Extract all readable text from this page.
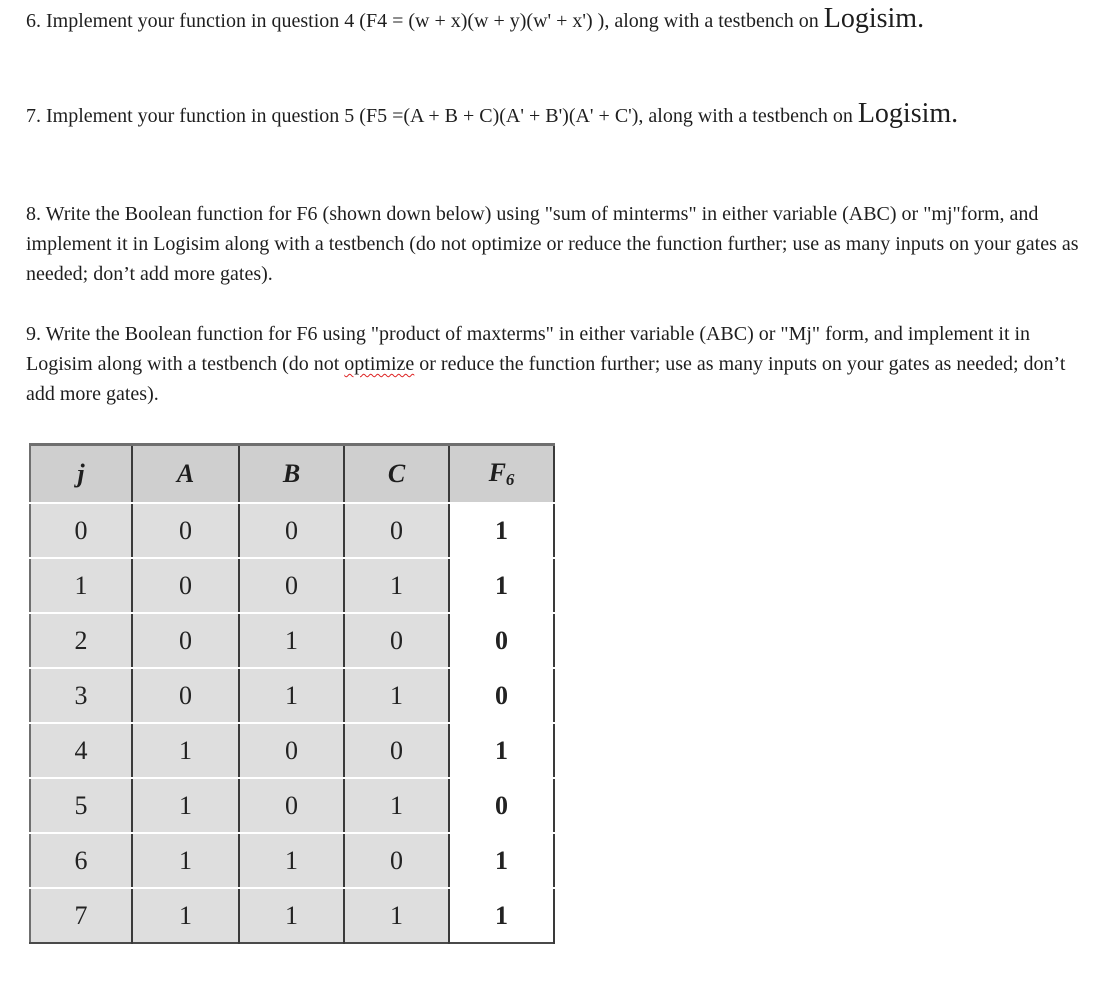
6. Implement your function in question 4 (F4 = (w + x)(w + y)(w' + x') ), along with a testbench on Logisim.

7. Implement your function in question 5 (F5 =(A + B + C)(A' + B')(A' + C'), along with a testbench on Logisim.

8. Write the Boolean function for F6 (shown down below) using "sum of minterms" in either variable (ABC) or "mj"form, and implement it in Logisim along with a testbench (do not optimize or reduce the function further; use as many inputs on your gates as needed; don’t add more gates).

9. Write the Boolean function for F6 using "product of maxterms" in either variable (ABC) or "Mj" form, and implement it in Logisim along with a testbench (do not optimize or reduce the function further; use as many inputs on your gates as needed; don’t add more gates).

j	A	B	C	$F_6$
0	0	0	0	1
1	0	0	1	1
2	0	1	0	0
3	0	1	1	0
4	1	0	0	1
5	1	0	1	0
6	1	1	0	1
7	1	1	1	1
